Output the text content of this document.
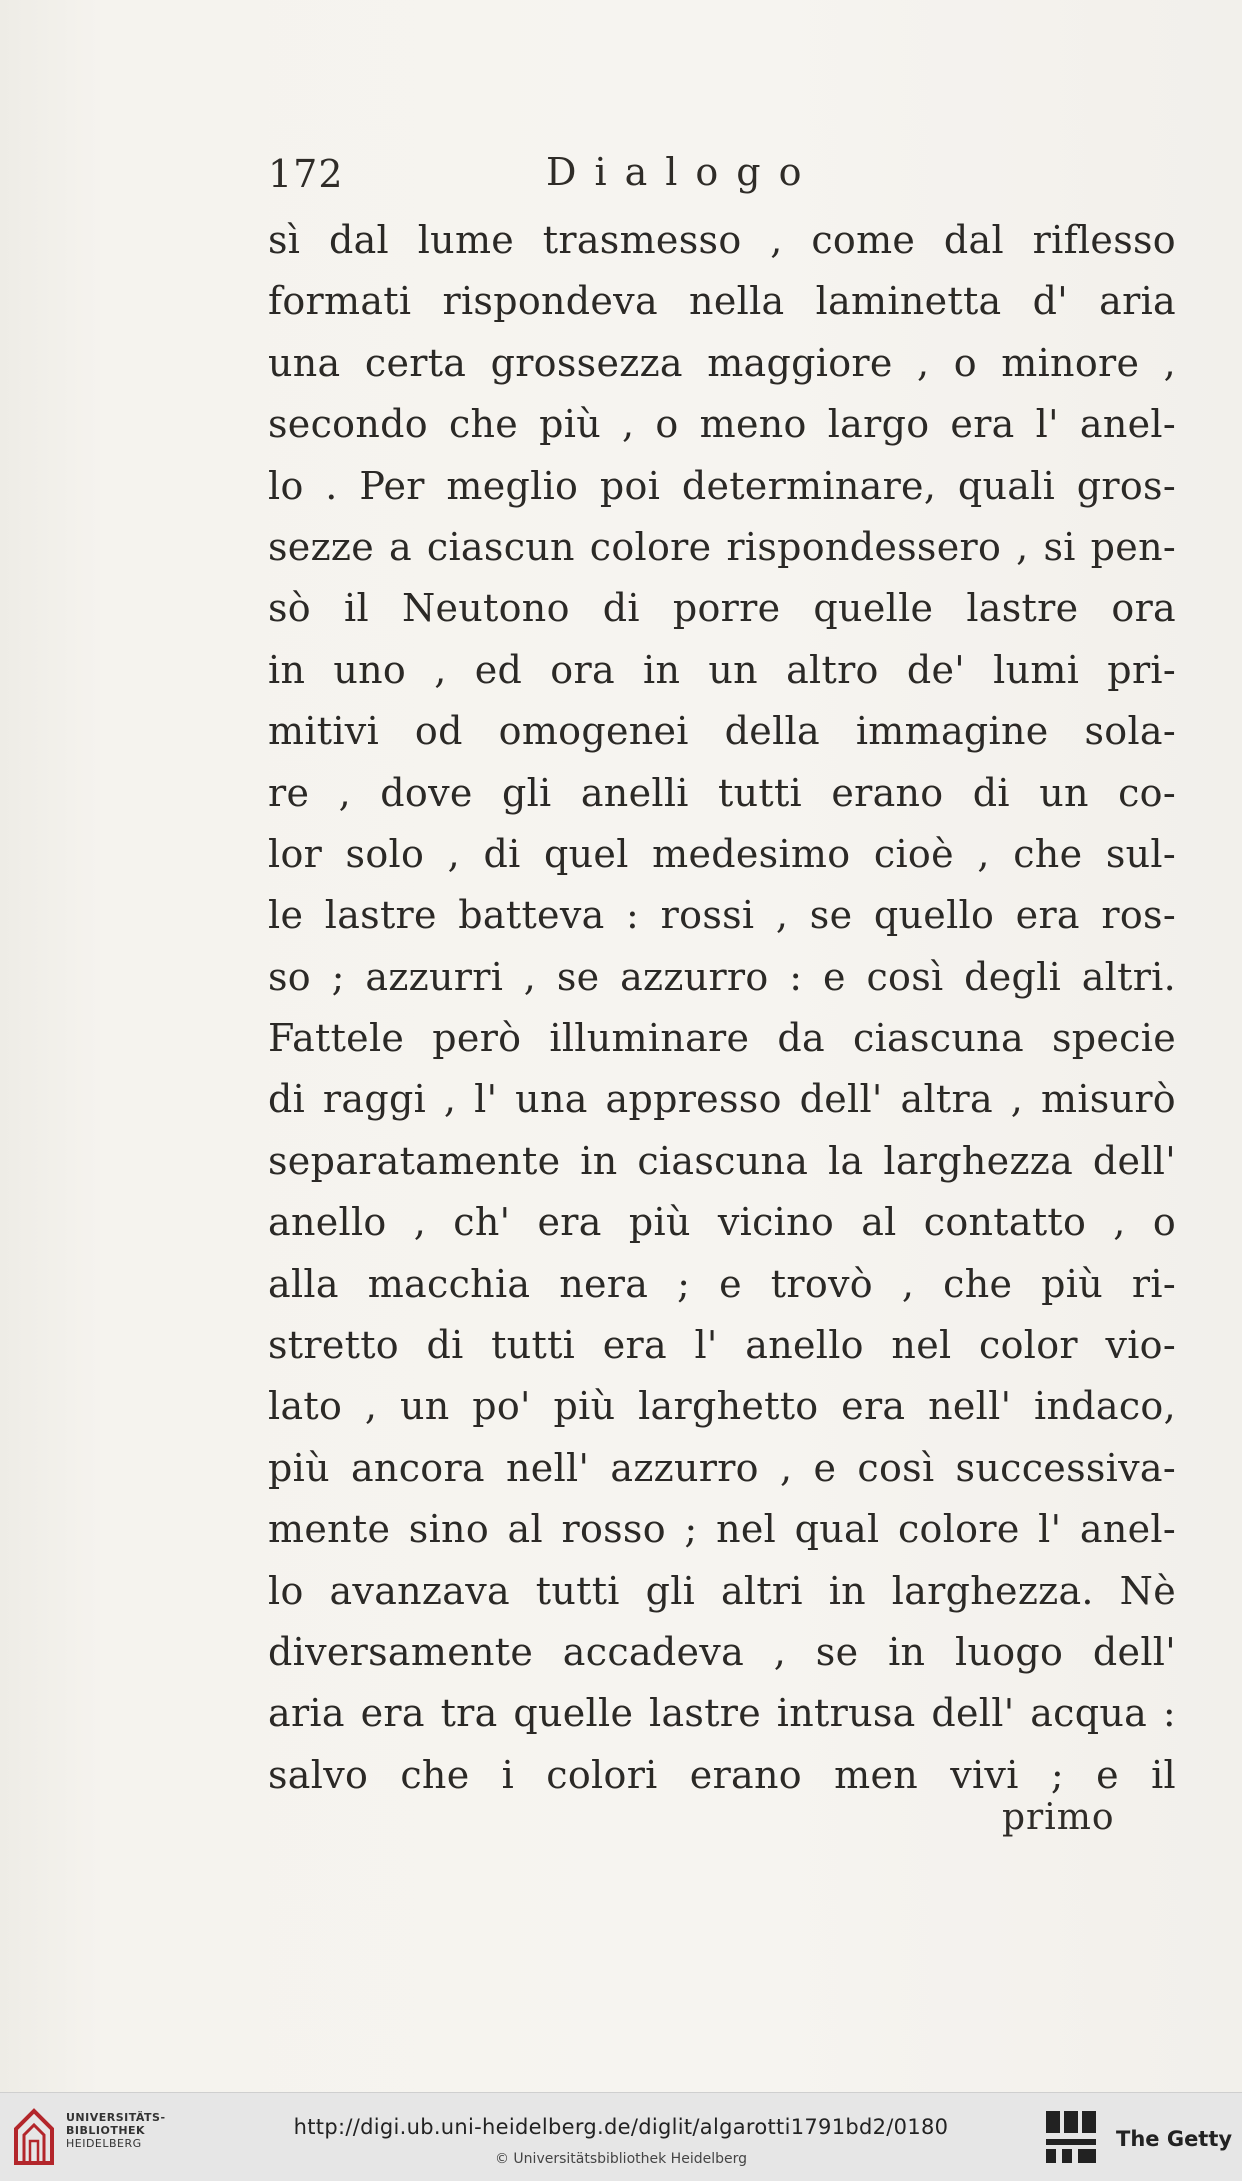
172	Dialogo
sì dal lume trasmesso , come dal riflesso
formati rispondeva nella laminetta d' aria
una certa grossezza maggiore , o minore ,
secondo che più , o meno largo era l' anel-
lo . Per meglio poi determinare, quali gros-
sezze a ciascun colore rispondessero , si pen-
sò il Neutono di porre quelle lastre ora
in uno , ed ora in un altro de' lumi pri-
mitivi od omogenei della immagine sola-
re , dove gli anelli tutti erano di un co-
lor solo , di quel medesimo cioè , che sul-
le lastre batteva : rossi , se quello era ros-
so ; azzurri , se azzurro : e così degli altri.
Fattele però illuminare da ciascuna specie
di raggi , l' una appresso dell' altra , misurò
separatamente in ciascuna la larghezza dell'
anello , ch' era più vicino al contatto , o
alla macchia nera ; e trovò , che più ri-
stretto di tutti era l' anello nel color vio-
lato , un po' più larghetto era nell' indaco,
più ancora nell' azzurro , e così successiva-
mente sino al rosso ; nel qual colore l' anel-
lo avanzava tutti gli altri in larghezza. Nè
diversamente accadeva , se in luogo dell'
aria era tra quelle lastre intrusa dell' acqua :
salvo che i colori erano men vivi ; e il
primo
UNIVERSITÄTS-
BIBLIOTHEK
HEIDELBERG
http://digi.ub.uni-heidelberg.de/diglit/algarotti1791bd2/0180
© Universitätsbibliothek Heidelberg
The Getty
